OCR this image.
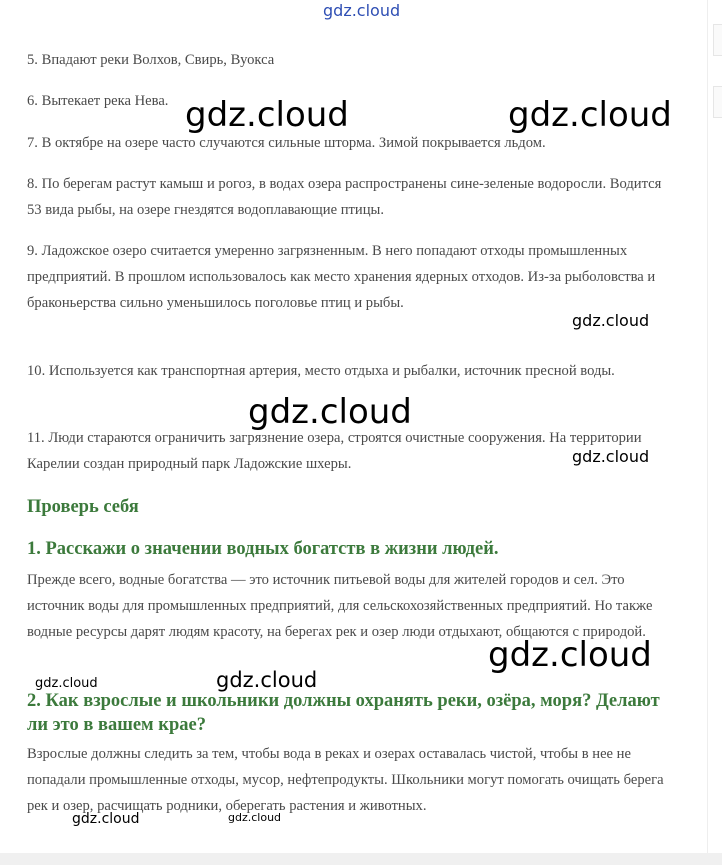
5. Впадают реки Волхов, Свирь, Вуокса

6. Вытекает река Нева.

7. В октябре на озере часто случаются сильные шторма. Зимой покрывается льдом.

8. По берегам растут камыш и рогоз, в водах озера распространены сине-зеленые водоросли. Водится 53 вида рыбы, на озере гнездятся водоплавающие птицы.

9. Ладожское озеро считается умеренно загрязненным. В него попадают отходы промышленных предприятий. В прошлом использовалось как место хранения ядерных отходов. Из-за рыболовства и браконьерства сильно уменьшилось поголовье птиц и рыбы.

10. Используется как транспортная артерия, место отдыха и рыбалки, источник пресной воды.

11. Люди стараются ограничить загрязнение озера, строятся очистные сооружения. На территории Карелии создан природный парк Ладожские шхеры.

Проверь себя
1. Расскажи о значении водных богатств в жизни людей.

Прежде всего, водные богатства — это источник питьевой воды для жителей городов и сел. Это источник воды для промышленных предприятий, для сельскохозяйственных предприятий. Но также водные ресурсы дарят людям красоту, на берегах рек и озер люди отдыхают, общаются с природой.

2. Как взрослые и школьники должны охранять реки, озёра, моря? Делают ли это в вашем крае?

Взрослые должны следить за тем, чтобы вода в реках и озерах оставалась чистой, чтобы в нее не попадали промышленные отходы, мусор, нефтепродукты. Школьники могут помогать очищать берега рек и озер, расчищать родники, оберегать растения и животных.

gdz.cloud
gdz.cloud	gdz.cloud
gdz.cloud
gdz.cloud
gdz.cloud
gdz.cloud
gdz.cloud
gdz.cloud
gdz.cloud	gdz.cloud
